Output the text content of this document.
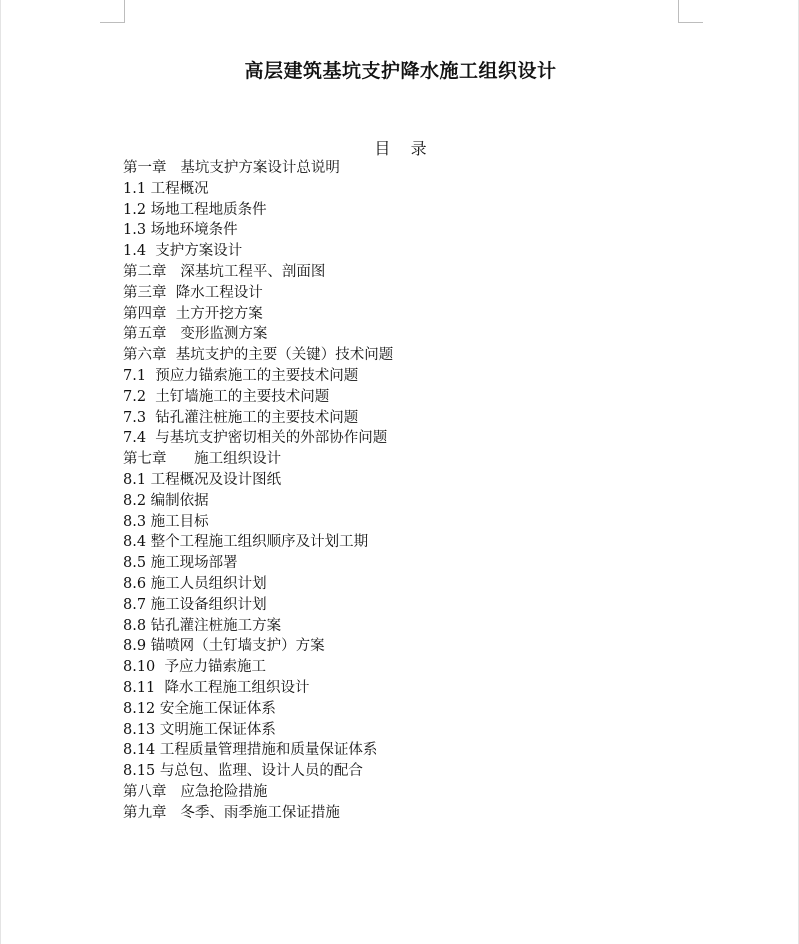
高层建筑基坑支护降水施工组织设计
目    录
第一章   基坑支护方案设计总说明
1.1 工程概况
1.2 场地工程地质条件
1.3 场地环境条件
1.4  支护方案设计
第二章   深基坑工程平、剖面图
第三章  降水工程设计
第四章  土方开挖方案
第五章   变形监测方案
第六章  基坑支护的主要（关键）技术问题
7.1  预应力锚索施工的主要技术问题
7.2  土钉墙施工的主要技术问题
7.3  钻孔灌注桩施工的主要技术问题
7.4  与基坑支护密切相关的外部协作问题
第七章      施工组织设计
8.1 工程概况及设计图纸
8.2 编制依据
8.3 施工目标
8.4 整个工程施工组织顺序及计划工期
8.5 施工现场部署
8.6 施工人员组织计划
8.7 施工设备组织计划
8.8 钻孔灌注桩施工方案
8.9 锚喷网（土钉墙支护）方案
8.10  予应力锚索施工
8.11  降水工程施工组织设计
8.12 安全施工保证体系
8.13 文明施工保证体系
8.14 工程质量管理措施和质量保证体系
8.15 与总包、监理、设计人员的配合
第八章   应急抢险措施
第九章   冬季、雨季施工保证措施
